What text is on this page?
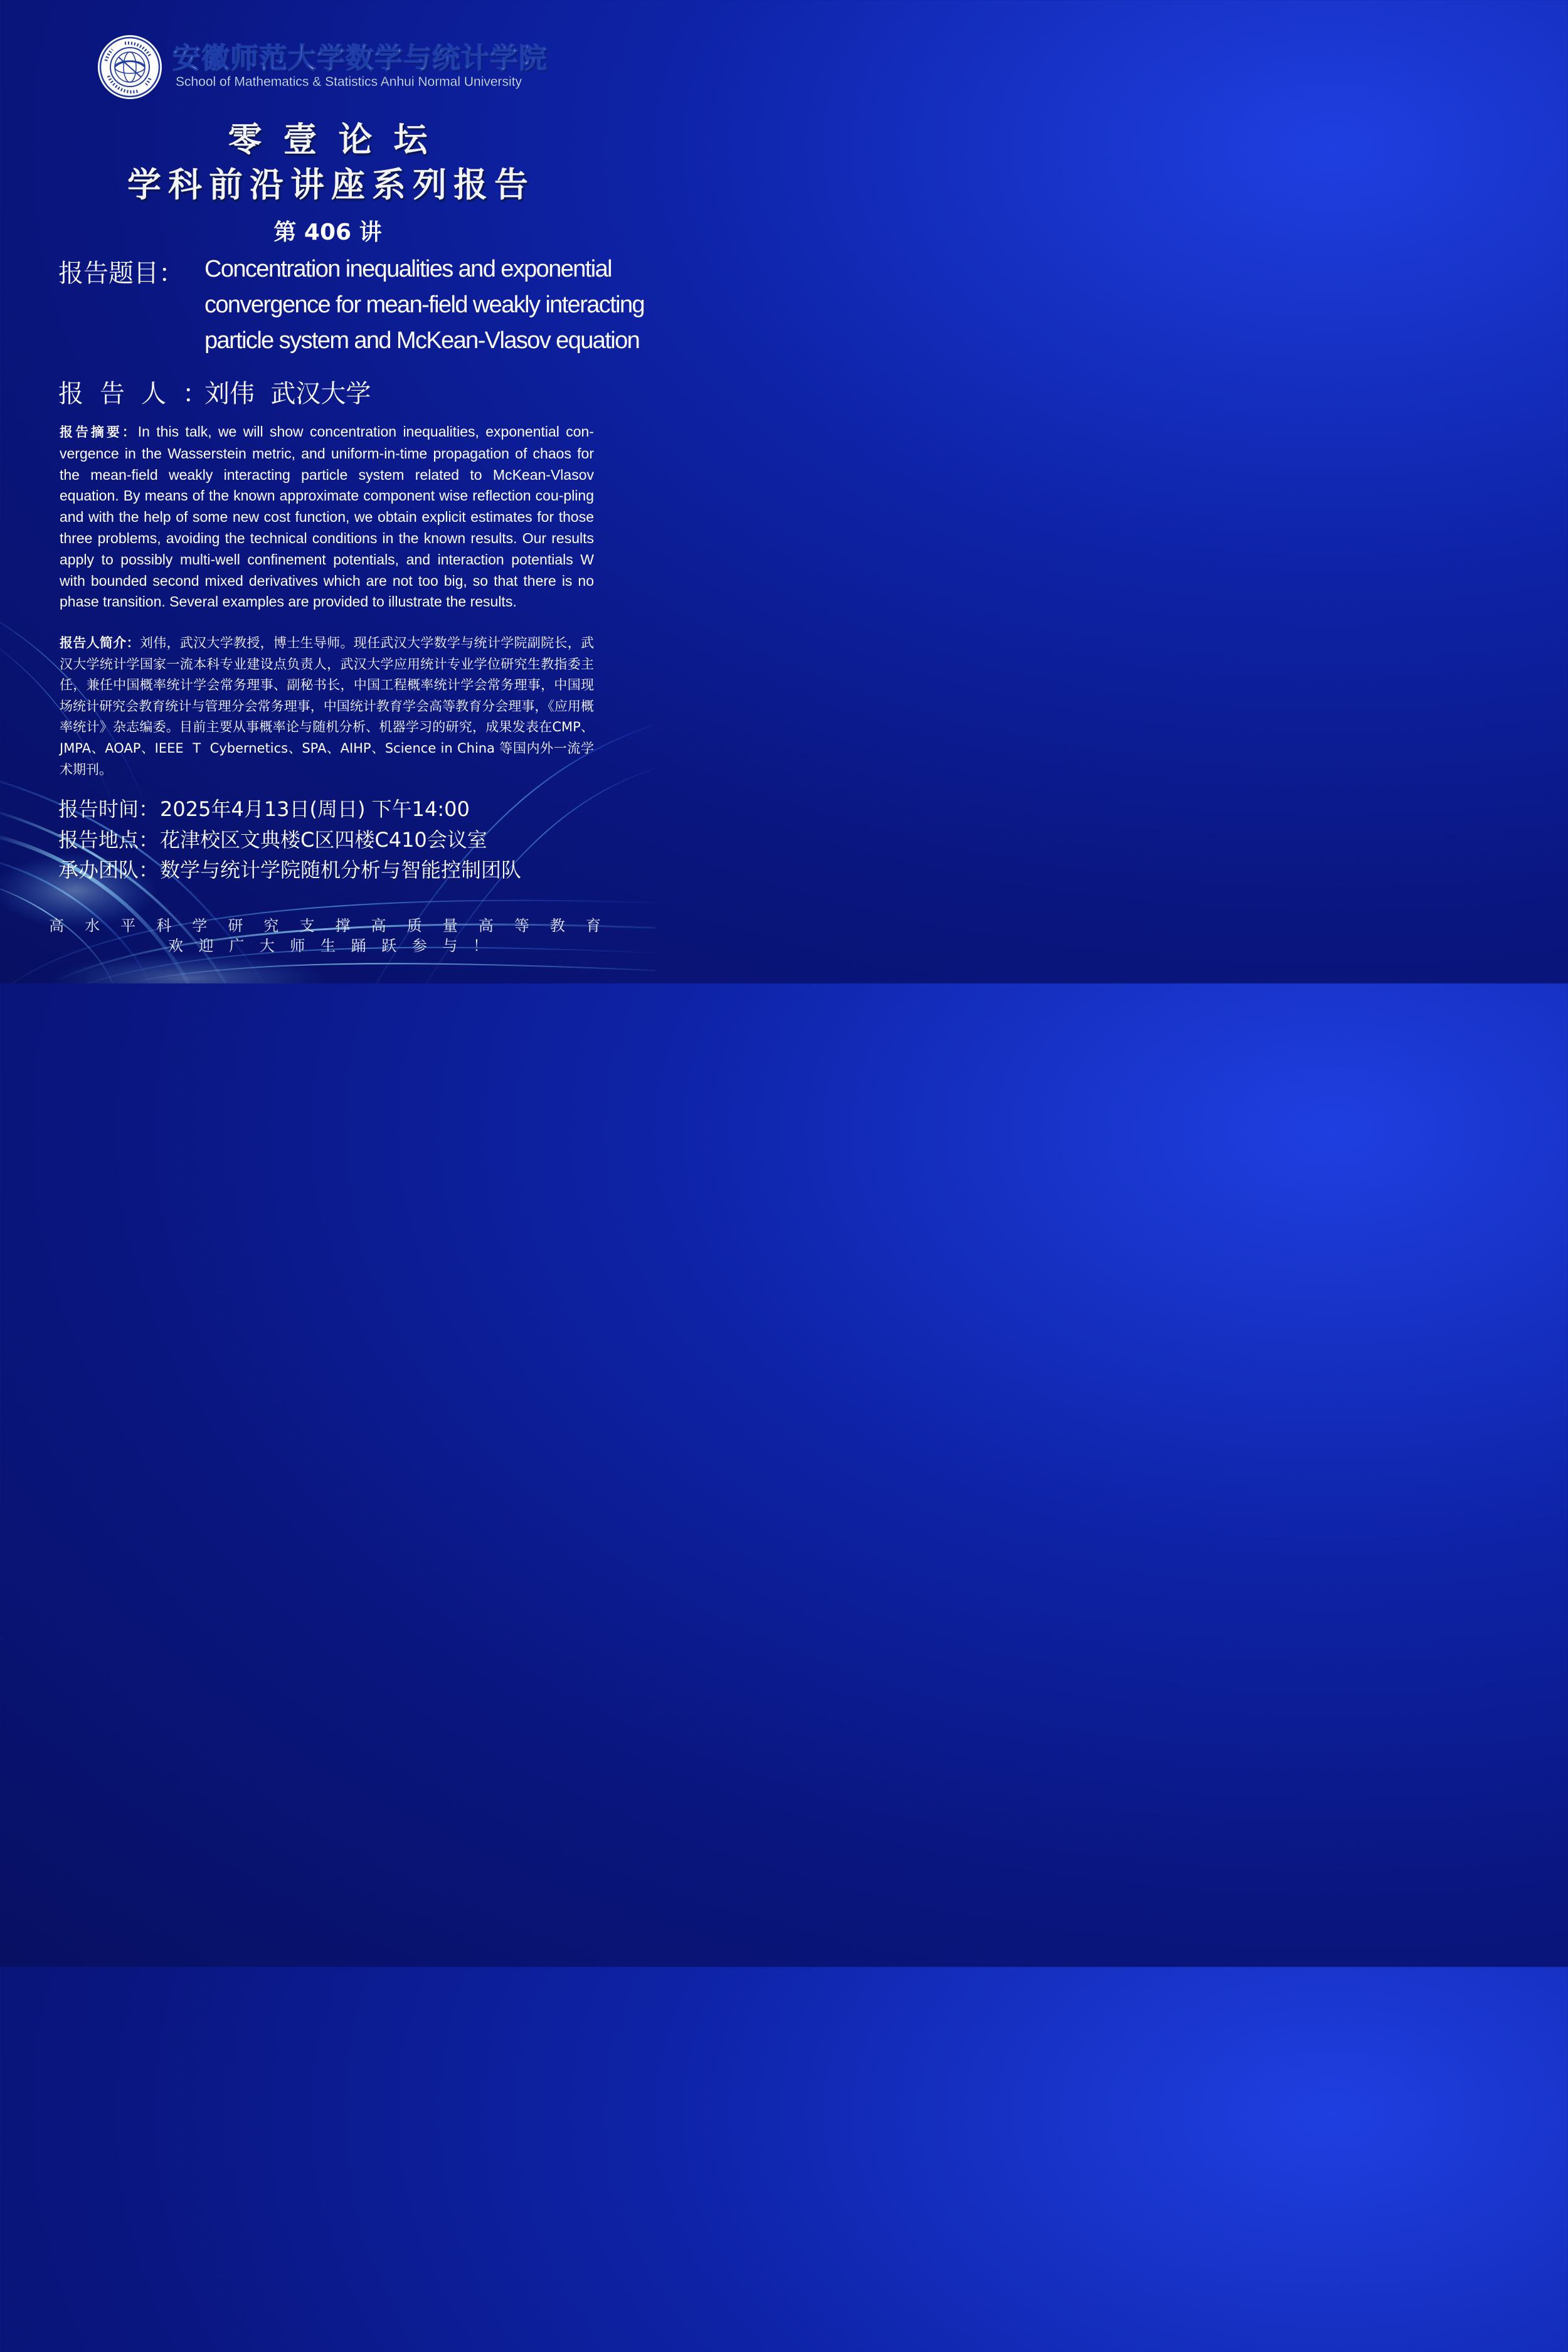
安徽师范大学数学与统计学院
School of Mathematics & Statistics Anhui Normal University
零壹论坛
学科前沿讲座系列报告
第 406 讲
报告题目： Concentration inequalities and exponential
convergence for mean-field weakly interacting
particle system and McKean-Vlasov equation
报告人：
刘伟  武汉大学
报告摘要：In this talk, we will show concentration inequalities, exponential con-vergence in the Wasserstein metric, and uniform-in-time propagation of chaos for the mean-field weakly interacting particle system related to McKean-Vlasov equation. By means of the known approximate component wise reflection cou-pling and with the help of some new cost function, we obtain explicit estimates for those three problems, avoiding the technical conditions in the known results. Our results apply to possibly multi-well confinement potentials, and interaction potentials W with bounded second mixed derivatives which are not too big, so that there is no phase transition. Several examples are provided to illustrate the results.
报告人简介：刘伟，武汉大学教授，博士生导师。现任武汉大学数学与统计学院副院长，武汉大学统计学国家一流本科专业建设点负责人，武汉大学应用统计专业学位研究生教指委主任，兼任中国概率统计学会常务理事、副秘书长，中国工程概率统计学会常务理事，中国现场统计研究会教育统计与管理分会常务理事，中国统计教育学会高等教育分会理事，《应用概率统计》杂志编委。目前主要从事概率论与随机分析、机器学习的研究，成果发表在CMP、JMPA、AOAP、IEEE  T  Cybernetics、SPA、AIHP、Science in China 等国内外一流学术期刊。
报告时间：2025年4月13日(周日) 下午14:00
报告地点：花津校区文典楼C区四楼C410会议室
承办团队：数学与统计学院随机分析与智能控制团队
高 水 平 科 学 研 究 支 撑 高 质 量 高 等 教 育
欢 迎 广 大 师 生 踊 跃 参 与 ！
